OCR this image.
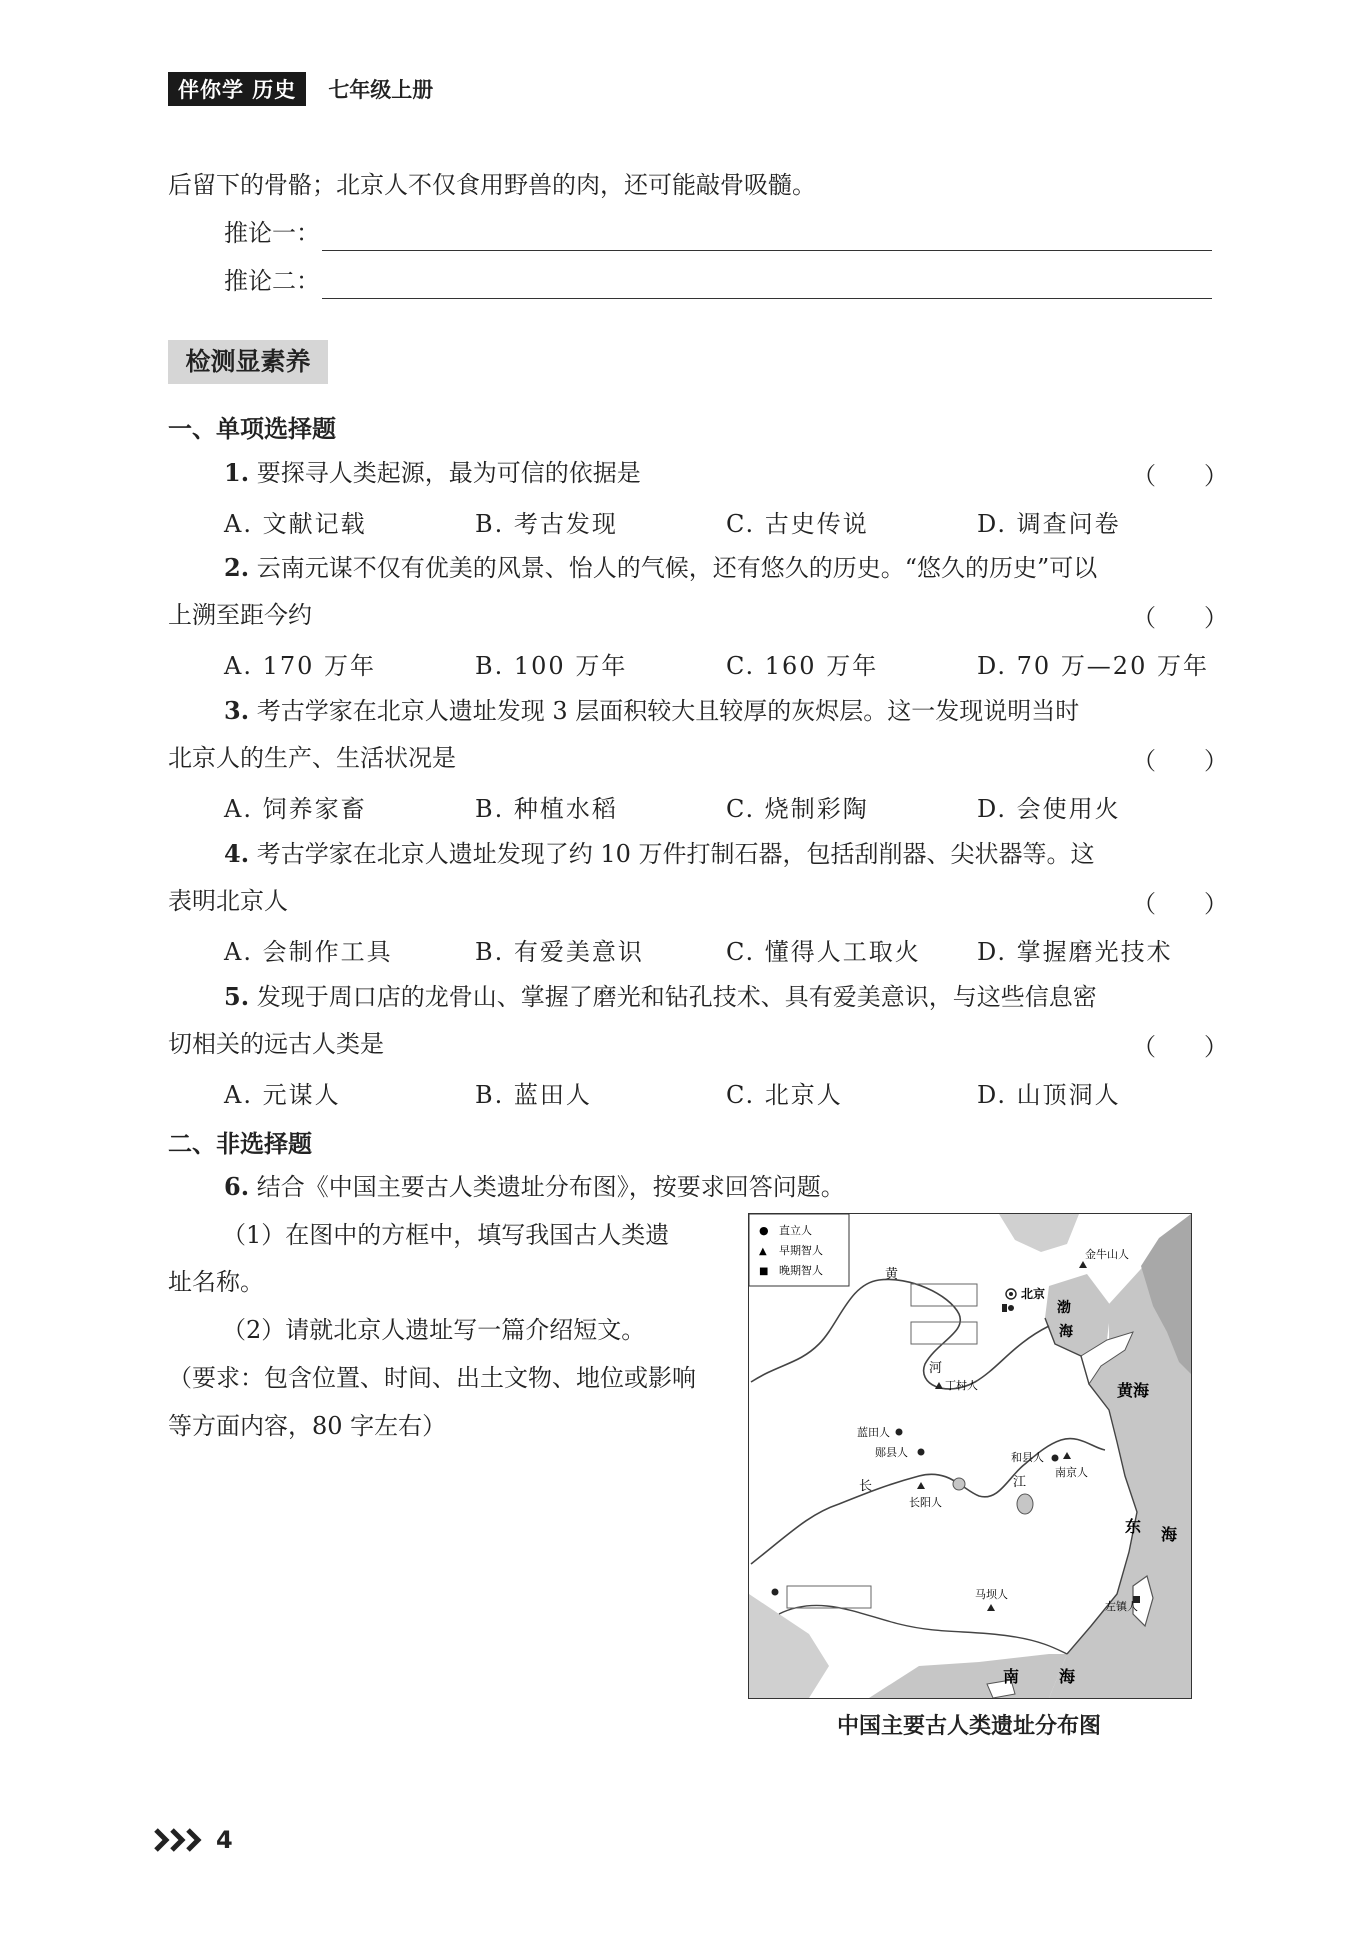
伴你学 历史	七年级上册
后留下的骨骼；北京人不仅食用野兽的肉，还可能敲骨吸髓。
推论一：
推论二：
检测显素养
一、单项选择题
1. 要探寻人类起源，最为可信的依据是	（　　）
A. 文献记载	B. 考古发现	C. 古史传说	D. 调查问卷
2. 云南元谋不仅有优美的风景、怡人的气候，还有悠久的历史。“悠久的历史”可以
上溯至距今约	（　　）
A. 170 万年	B. 100 万年	C. 160 万年	D. 70 万—20 万年
3. 考古学家在北京人遗址发现 3 层面积较大且较厚的灰烬层。这一发现说明当时
北京人的生产、生活状况是	（　　）
A. 饲养家畜	B. 种植水稻	C. 烧制彩陶	D. 会使用火
4. 考古学家在北京人遗址发现了约 10 万件打制石器，包括刮削器、尖状器等。这
表明北京人	（　　）
A. 会制作工具	B. 有爱美意识	C. 懂得人工取火	D. 掌握磨光技术
5. 发现于周口店的龙骨山、掌握了磨光和钻孔技术、具有爱美意识，与这些信息密
切相关的远古人类是	（　　）
A. 元谋人	B. 蓝田人	C. 北京人	D. 山顶洞人
二、非选择题
6. 结合《中国主要古人类遗址分布图》，按要求回答问题。
（1）在图中的方框中，填写我国古人类遗
址名称。
（2）请就北京人遗址写一篇介绍短文。
（要求：包含位置、时间、出土文物、地位或影响
等方面内容，80 字左右）
● 直立人
▲ 早期智人
■ 晚期智人
金牛山人
北京
丁村人
蓝田人
郧县人	和县人
南京人
长阳人
马坝人
左镇人
黄
河
长	江
渤
海
黄海
东 海
南 海
中国主要古人类遗址分布图
4
